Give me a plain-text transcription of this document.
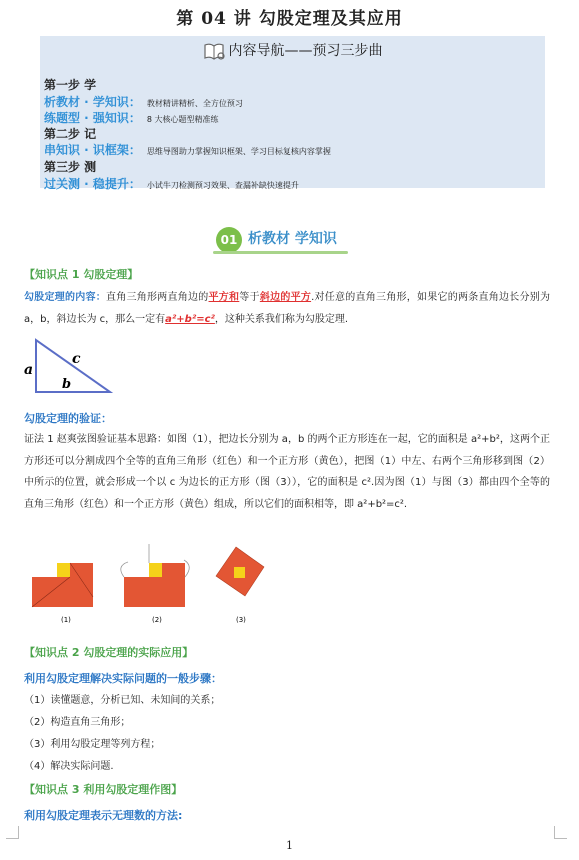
第 04 讲 勾股定理及其应用
内容导航——预习三步曲
第一步 学
析教材 · 学知识： 教材精讲精析、全方位预习
练题型 · 强知识： 8 大核心题型精准练
第二步 记
串知识 · 识框架： 思维导图助力掌握知识框架、学习目标复核内容掌握
第三步 测
过关测 · 稳提升： 小试牛刀检测预习效果、查漏补缺快速提升
01 析教材 学知识
【知识点 1 勾股定理】
勾股定理的内容：直角三角形两直角边的平方和等于斜边的平方.对任意的直角三角形，如果它的两条直角边长分别为 a，b，斜边长为 c，那么一定有a²+b²=c²，这种关系我们称为勾股定理.
a
b
c
勾股定理的验证：
证法 1 赵爽弦图验证基本思路：如图（1），把边长分别为 a，b 的两个正方形连在一起，它的面积是 a²+b²，这两个正方形还可以分割成四个全等的直角三角形（红色）和一个正方形（黄色），把图（1）中左、右两个三角形移到图（2）中所示的位置，就会形成一个以 c 为边长的正方形（图（3）），它的面积是 c².因为图（1）与图（3）都由四个全等的直角三角形（红色）和一个正方形（黄色）组成，所以它们的面积相等，即 a²+b²=c².
(1)	(2)	(3)
【知识点 2 勾股定理的实际应用】
利用勾股定理解决实际问题的一般步骤：
（1）读懂题意，分析已知、未知间的关系；
（2）构造直角三角形；
（3）利用勾股定理等列方程；
（4）解决实际问题.
【知识点 3 利用勾股定理作图】
利用勾股定理表示无理数的方法:
1
